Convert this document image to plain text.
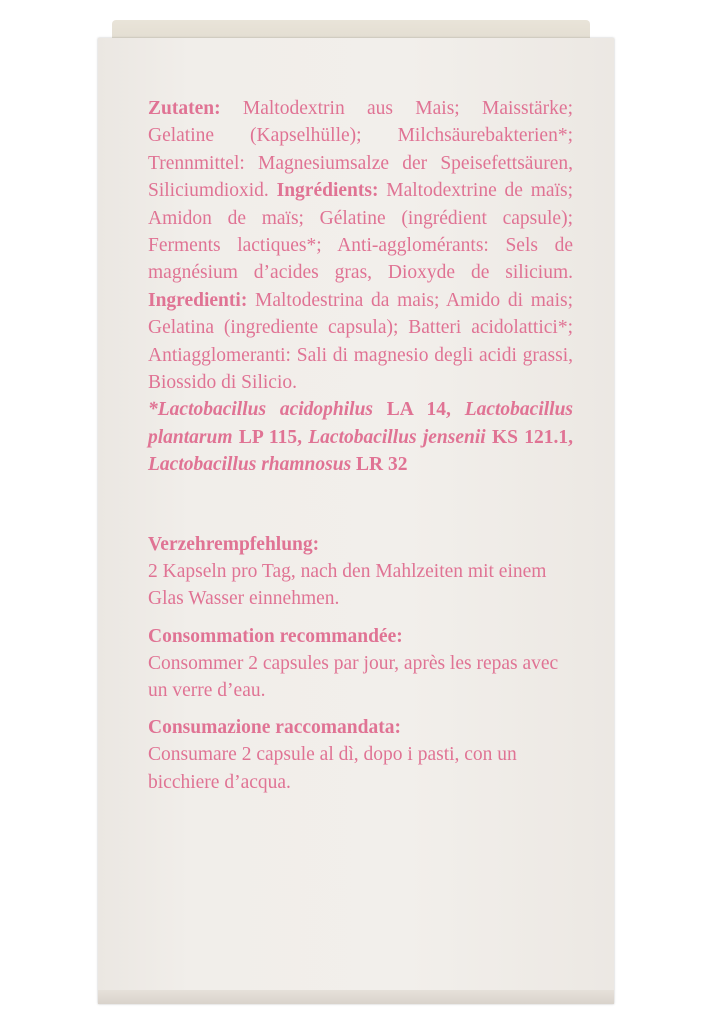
Zutaten: Maltodextrin aus Mais; Maisstärke; Gelatine (Kapselhülle); Milchsäurebakterien*; Trennmittel: Magnesiumsalze der Speisefettsäuren, Siliciumdioxid. Ingrédients: Maltodextrine de maïs; Amidon de maïs; Gélatine (ingrédient capsule); Ferments lactiques*; Anti-agglomérants: Sels de magnésium d’acides gras, Dioxyde de silicium. Ingredienti: Maltodestrina da mais; Amido di mais; Gelatina (ingrediente capsula); Batteri acidolattici*; Antiagglomeranti: Sali di magnesio degli acidi grassi, Biossido di Silicio.

*Lactobacillus acidophilus LA 14, Lactobacillus plantarum LP 115, Lactobacillus jensenii KS 121.1, Lactobacillus rhamnosus LR 32

Verzehrempfehlung:

2 Kapseln pro Tag, nach den Mahlzeiten mit einem Glas Wasser einnehmen.

Consommation recommandée:

Consommer 2 capsules par jour, après les repas avec un verre d’eau.

Consumazione raccomandata:

Consumare 2 capsule al dì, dopo i pasti, con un bicchiere d’acqua.
